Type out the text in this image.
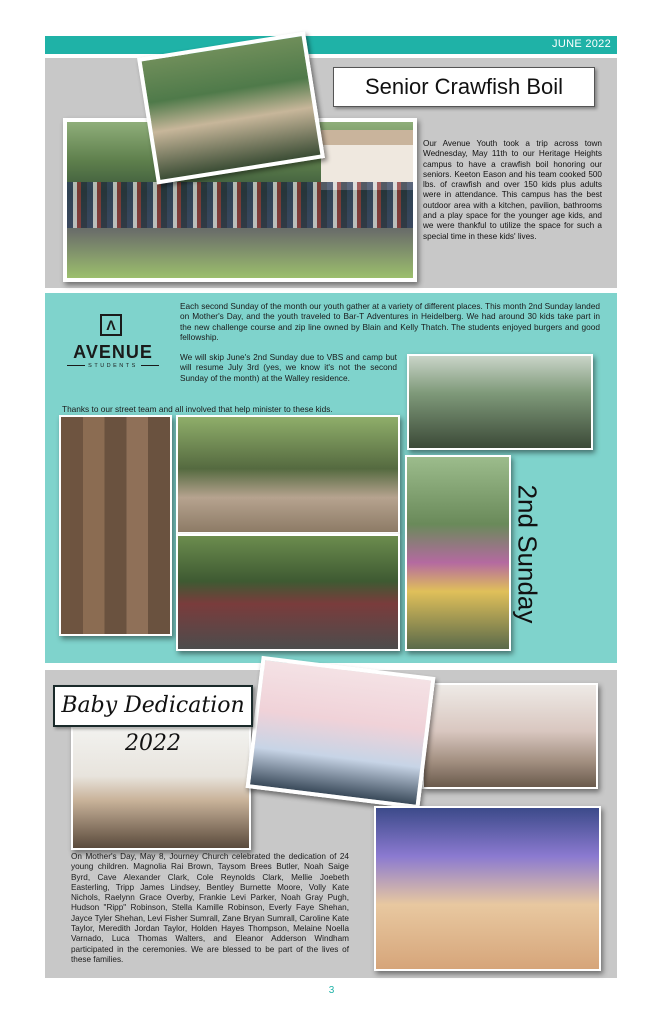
JUNE 2022
Senior Crawfish Boil
Our Avenue Youth took a trip across town Wednesday, May 11th to our Heritage Heights campus to have a crawfish boil honoring our seniors. Keeton Eason and his team cooked 500 lbs. of crawfish and over 150 kids plus adults were in attendance. This campus has the best outdoor area with a kitchen, pavilion, bathrooms and a play space for the younger age kids, and we were thankful to utilize the space for such a special time in these kids' lives.
Λ
AVENUE
STUDENTS
Each second Sunday of the month our youth gather at a variety of different places. This month 2nd Sunday landed on Mother's Day, and the youth traveled to Bar-T Adventures in Heidelberg. We had around 30 kids take part in the new challenge course and zip line owned by Blain and Kelly Thatch. The students enjoyed burgers and good fellowship.
We will skip June's 2nd Sunday due to VBS and camp but will resume July 3rd (yes, we know it's not the second Sunday of the month) at the Walley residence.
Thanks to our street team and all involved that help minister to these kids.
2nd Sunday
Baby Dedication 2022
On Mother's Day, May 8, Journey Church celebrated the dedication of 24 young children. Magnolia Rai Brown, Taysom Brees Butler, Noah Saige Byrd, Cave Alexander Clark, Cole Reynolds Clark, Mellie Joebeth Easterling, Tripp James Lindsey, Bentley Burnette Moore, Volly Kate Nichols, Raelynn Grace Overby, Frankie Levi Parker, Noah Gray Pugh, Hudson "Ripp" Robinson, Stella Kamille Robinson, Everly Faye Shehan, Jayce Tyler Shehan, Levi Fisher Sumrall, Zane Bryan Sumrall, Caroline Kate Taylor, Meredith Jordan Taylor, Holden Hayes Thompson, Melaine Noella Varnado, Luca Thomas Walters, and Eleanor Adderson Windham participated in the ceremonies. We are blessed to be part of the lives of these families.
3
